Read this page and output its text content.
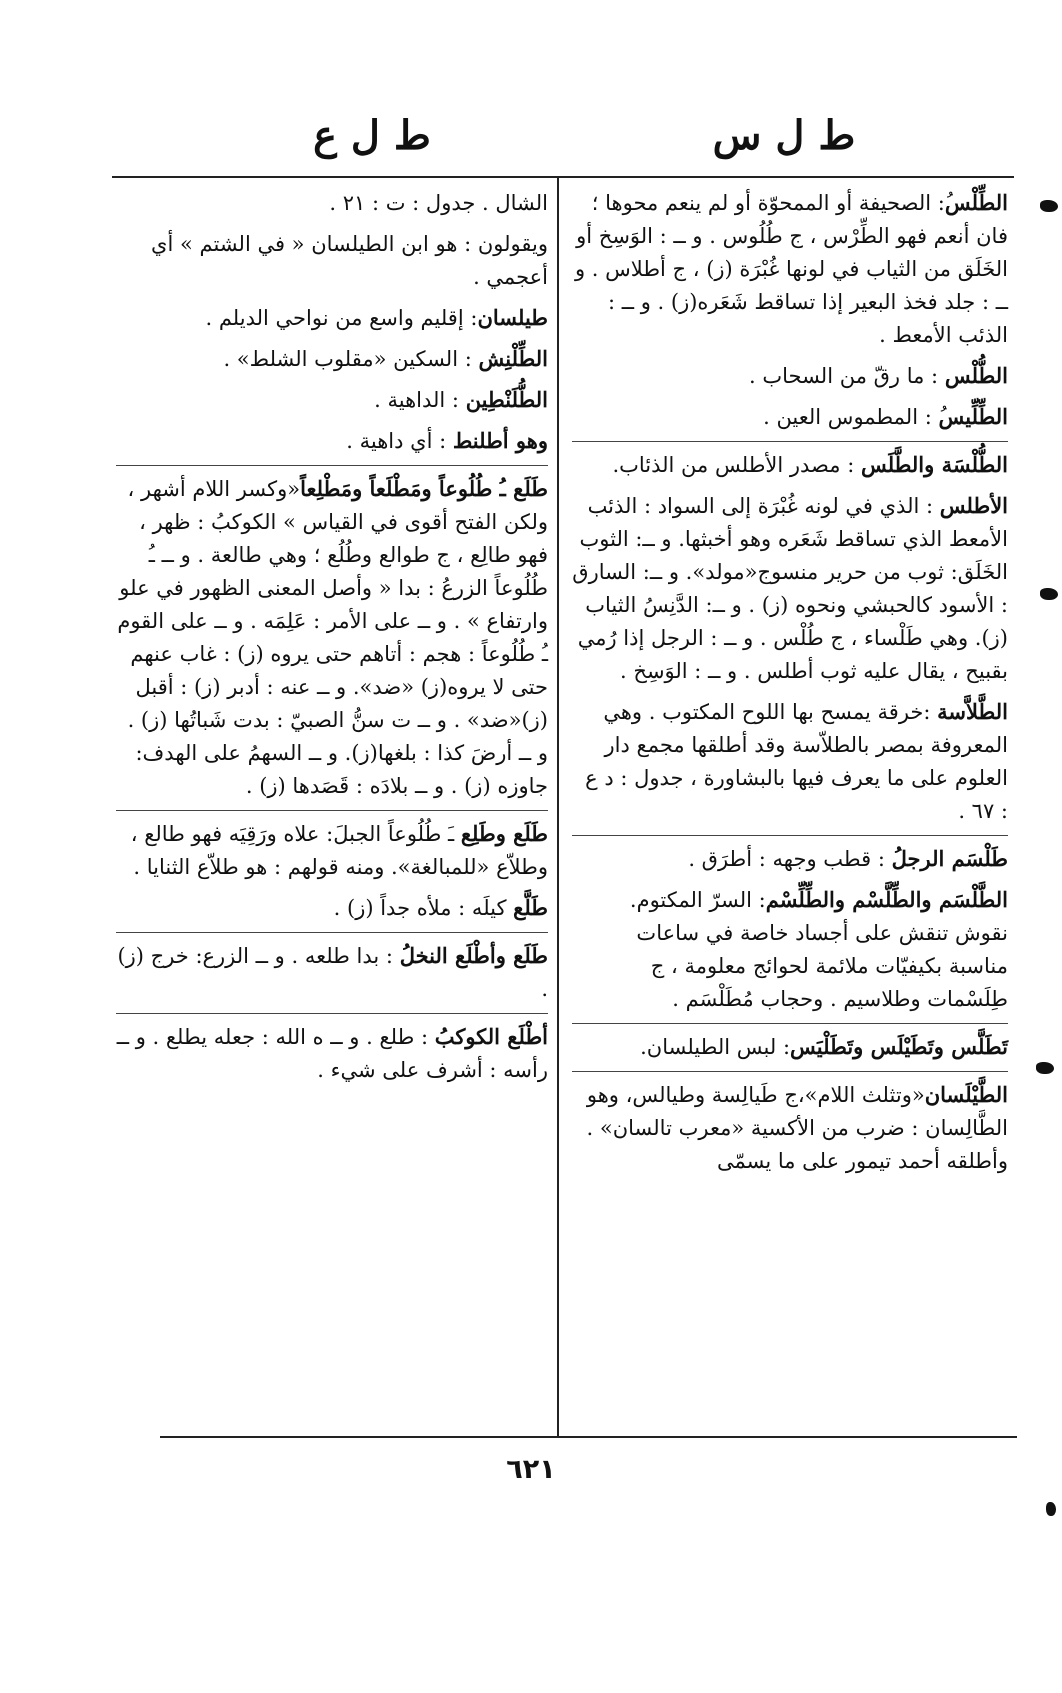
ط ل س
ط ل ع

الطِّلْسُ: الصحيفة أو الممحوّة أو لم ينعم محوها ؛ فان أنعم فهو الطِّرْس ، ج طُلُوس . و ــ : الوَسِخ أو الخَلَق من الثياب في لونها غُبْرَة (ز) ، ج أطلاس . و ــ : جلد فخذ البعير إذا تساقط شَعَره(ز) . و ــ : الذئب الأمعط .

الطُّلْس : ما رقّ من السحاب .

الطِّلِّيسُ : المطموس العين .

الطُّلْسَة والطَّلَس : مصدر الأطلس من الذئاب.

الأطلس : الذي في لونه غُبْرَة إلى السواد : الذئب الأمعط الذي تساقط شَعَره وهو أخبثها. و ــ: الثوب الخَلَق: ثوب من حرير منسوج«مولد». و ــ: السارق : الأسود كالحبشي ونحوه (ز) . و ــ: الدَّنِسُ الثياب (ز). وهي طَلْساء ، ج طُلْس . و ــ : الرجل إذا رُمي بقبيح ، يقال عليه ثوب أطلس . و ــ : الوَسِخ .

الطَّلاَّسة :خرقة يمسح بها اللوح المكتوب . وهي المعروفة بمصر بالطلاّسة وقد أطلقها مجمع دار العلوم على ما يعرف فيها بالبشاورة ، جدول : د ع : ٦٧ .

طَلْسَم الرجلُ : قطب وجهه : أطرَق .

الطَّلْسَم والطِّلَّسْم والطِّلِّسْم: السرّ المكتوم. نقوش تنقش على أجساد خاصة في ساعات مناسبة بكيفيّات ملائمة لحوائج معلومة ، ج طِلَسْمات وطلاسيم . وحجاب مُطَلْسَم .

تَطَلَّس وتَطَيْلَس وتَطَلْيَس: لبس الطيلسان.

الطَّيْلَسان«وتثلث اللام»،ج طَيالِسة وطيالس، وهو الطَّالِسان : ضرب من الأكسية «معرب تالسان» . وأطلقه أحمد تيمور على ما يسمّى

الشال . جدول : ت : ٢١ .

ويقولون : هو ابن الطيلسان « في الشتم » أي أعجمي .

طيلسان: إقليم واسع من نواحي الديلم .

الطِّلْنِش : السكين «مقلوب الشلط» .

الطُّلَنْطِين : الداهية .

وهو أطلنط : أي داهية .

طَلَع ـُ طُلُوعاً ومَطْلَعاً ومَطْلِعاً«وكسر اللام أشهر ، ولكن الفتح أقوى في القياس » الكوكبُ : ظهر ، فهو طالِع ، ج طوالع وطُلُع ؛ وهي طالعة . و ــ ـُ طُلُوعاً الزرعُ : بدا « وأصل المعنى الظهور في علو وارتفاع » . و ــ على الأمر : عَلِمَه . و ــ على القوم ـُ طُلُوعاً : هجم : أتاهم حتى يروه (ز) : غاب عنهم حتى لا يروه(ز) «ضد». و ــ عنه : أدبر (ز) : أقبل (ز)«ضد» . و ــ ت سنُّ الصبيّ : بدت شَباتُها (ز) . و ــ أرضَ كذا : بلغها(ز). و ــ السهمُ على الهدف: جاوزه (ز) . و ــ بلادَه : قَصَدها (ز) .

طَلَع وطَلِع ـَ طُلُوعاً الجبلَ: علاه ورَقِيَه فهو طالع ، وطلاّع «للمبالغة». ومنه قولهم : هو طلاّع الثنايا .

طَلَّع كيلَه : ملأه جداً (ز) .

طَلَع وأطْلَع النخلُ : بدا طلعه . و ــ الزرع: خرج (ز) .

أطْلَع الكوكبُ : طلع . و ــ ه الله : جعله يطلع . و ــ رأسه : أشرف على شيء .

٦٢١
